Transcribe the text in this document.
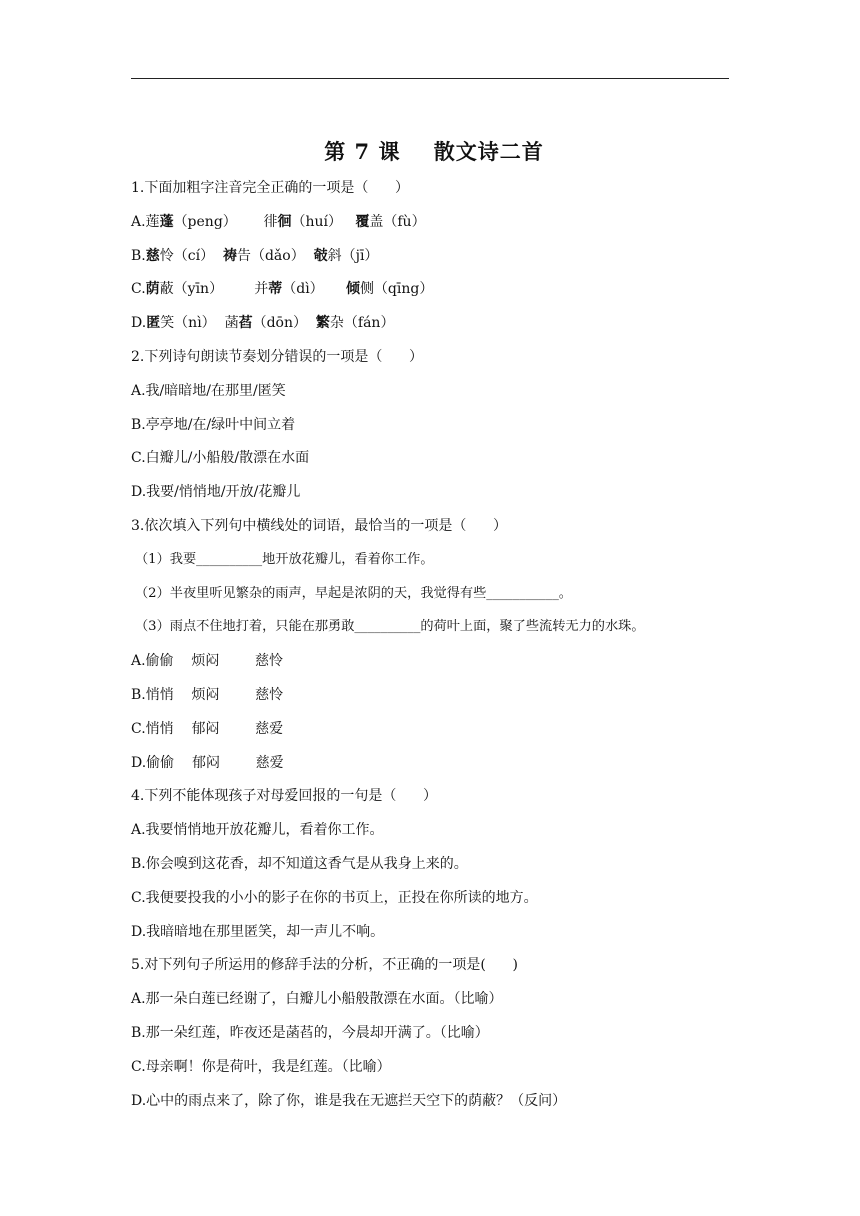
第 7 课    散文诗二首
1.下面加粗字注音完全正确的一项是（      ）
A.莲蓬（peng）      徘徊（huí）   覆盖（fù）
B.慈怜（cí）  祷告（dǎo）  攲斜（jī）
C.荫蔽（yīn）       并蒂（dì）     倾侧（qīng）
D.匿笑（nì）  菡萏（dōn）  繁杂（fán）
2.下列诗句朗读节奏划分错误的一项是（      ）
A.我/暗暗地/在那里/匿笑
B.亭亭地/在/绿叶中间立着
C.白瓣儿/小船般/散漂在水面
D.我要/悄悄地/开放/花瓣儿
3.依次填入下列句中横线处的词语，最恰当的一项是（      ）
（1）我要__________地开放花瓣儿，看着你工作。
（2）半夜里听见繁杂的雨声，早起是浓阴的天，我觉得有些___________。
（3）雨点不住地打着，只能在那勇敢__________的荷叶上面，聚了些流转无力的水珠。
A.偷偷    烦闷        慈怜
B.悄悄    烦闷        慈怜
C.悄悄    郁闷        慈爱
D.偷偷    郁闷        慈爱
4.下列不能体现孩子对母爱回报的一句是（      ）
A.我要悄悄地开放花瓣儿，看着你工作。
B.你会嗅到这花香，却不知道这香气是从我身上来的。
C.我便要投我的小小的影子在你的书页上，正投在你所读的地方。
D.我暗暗地在那里匿笑，却一声儿不响。
5.对下列句子所运用的修辞手法的分析，不正确的一项是(      )
A.那一朵白莲已经谢了，白瓣儿小船般散漂在水面。（比喻）
B.那一朵红莲，昨夜还是菡萏的，今晨却开满了。（比喻）
C.母亲啊！你是荷叶，我是红莲。（比喻）
D.心中的雨点来了，除了你，谁是我在无遮拦天空下的荫蔽？（反问）
